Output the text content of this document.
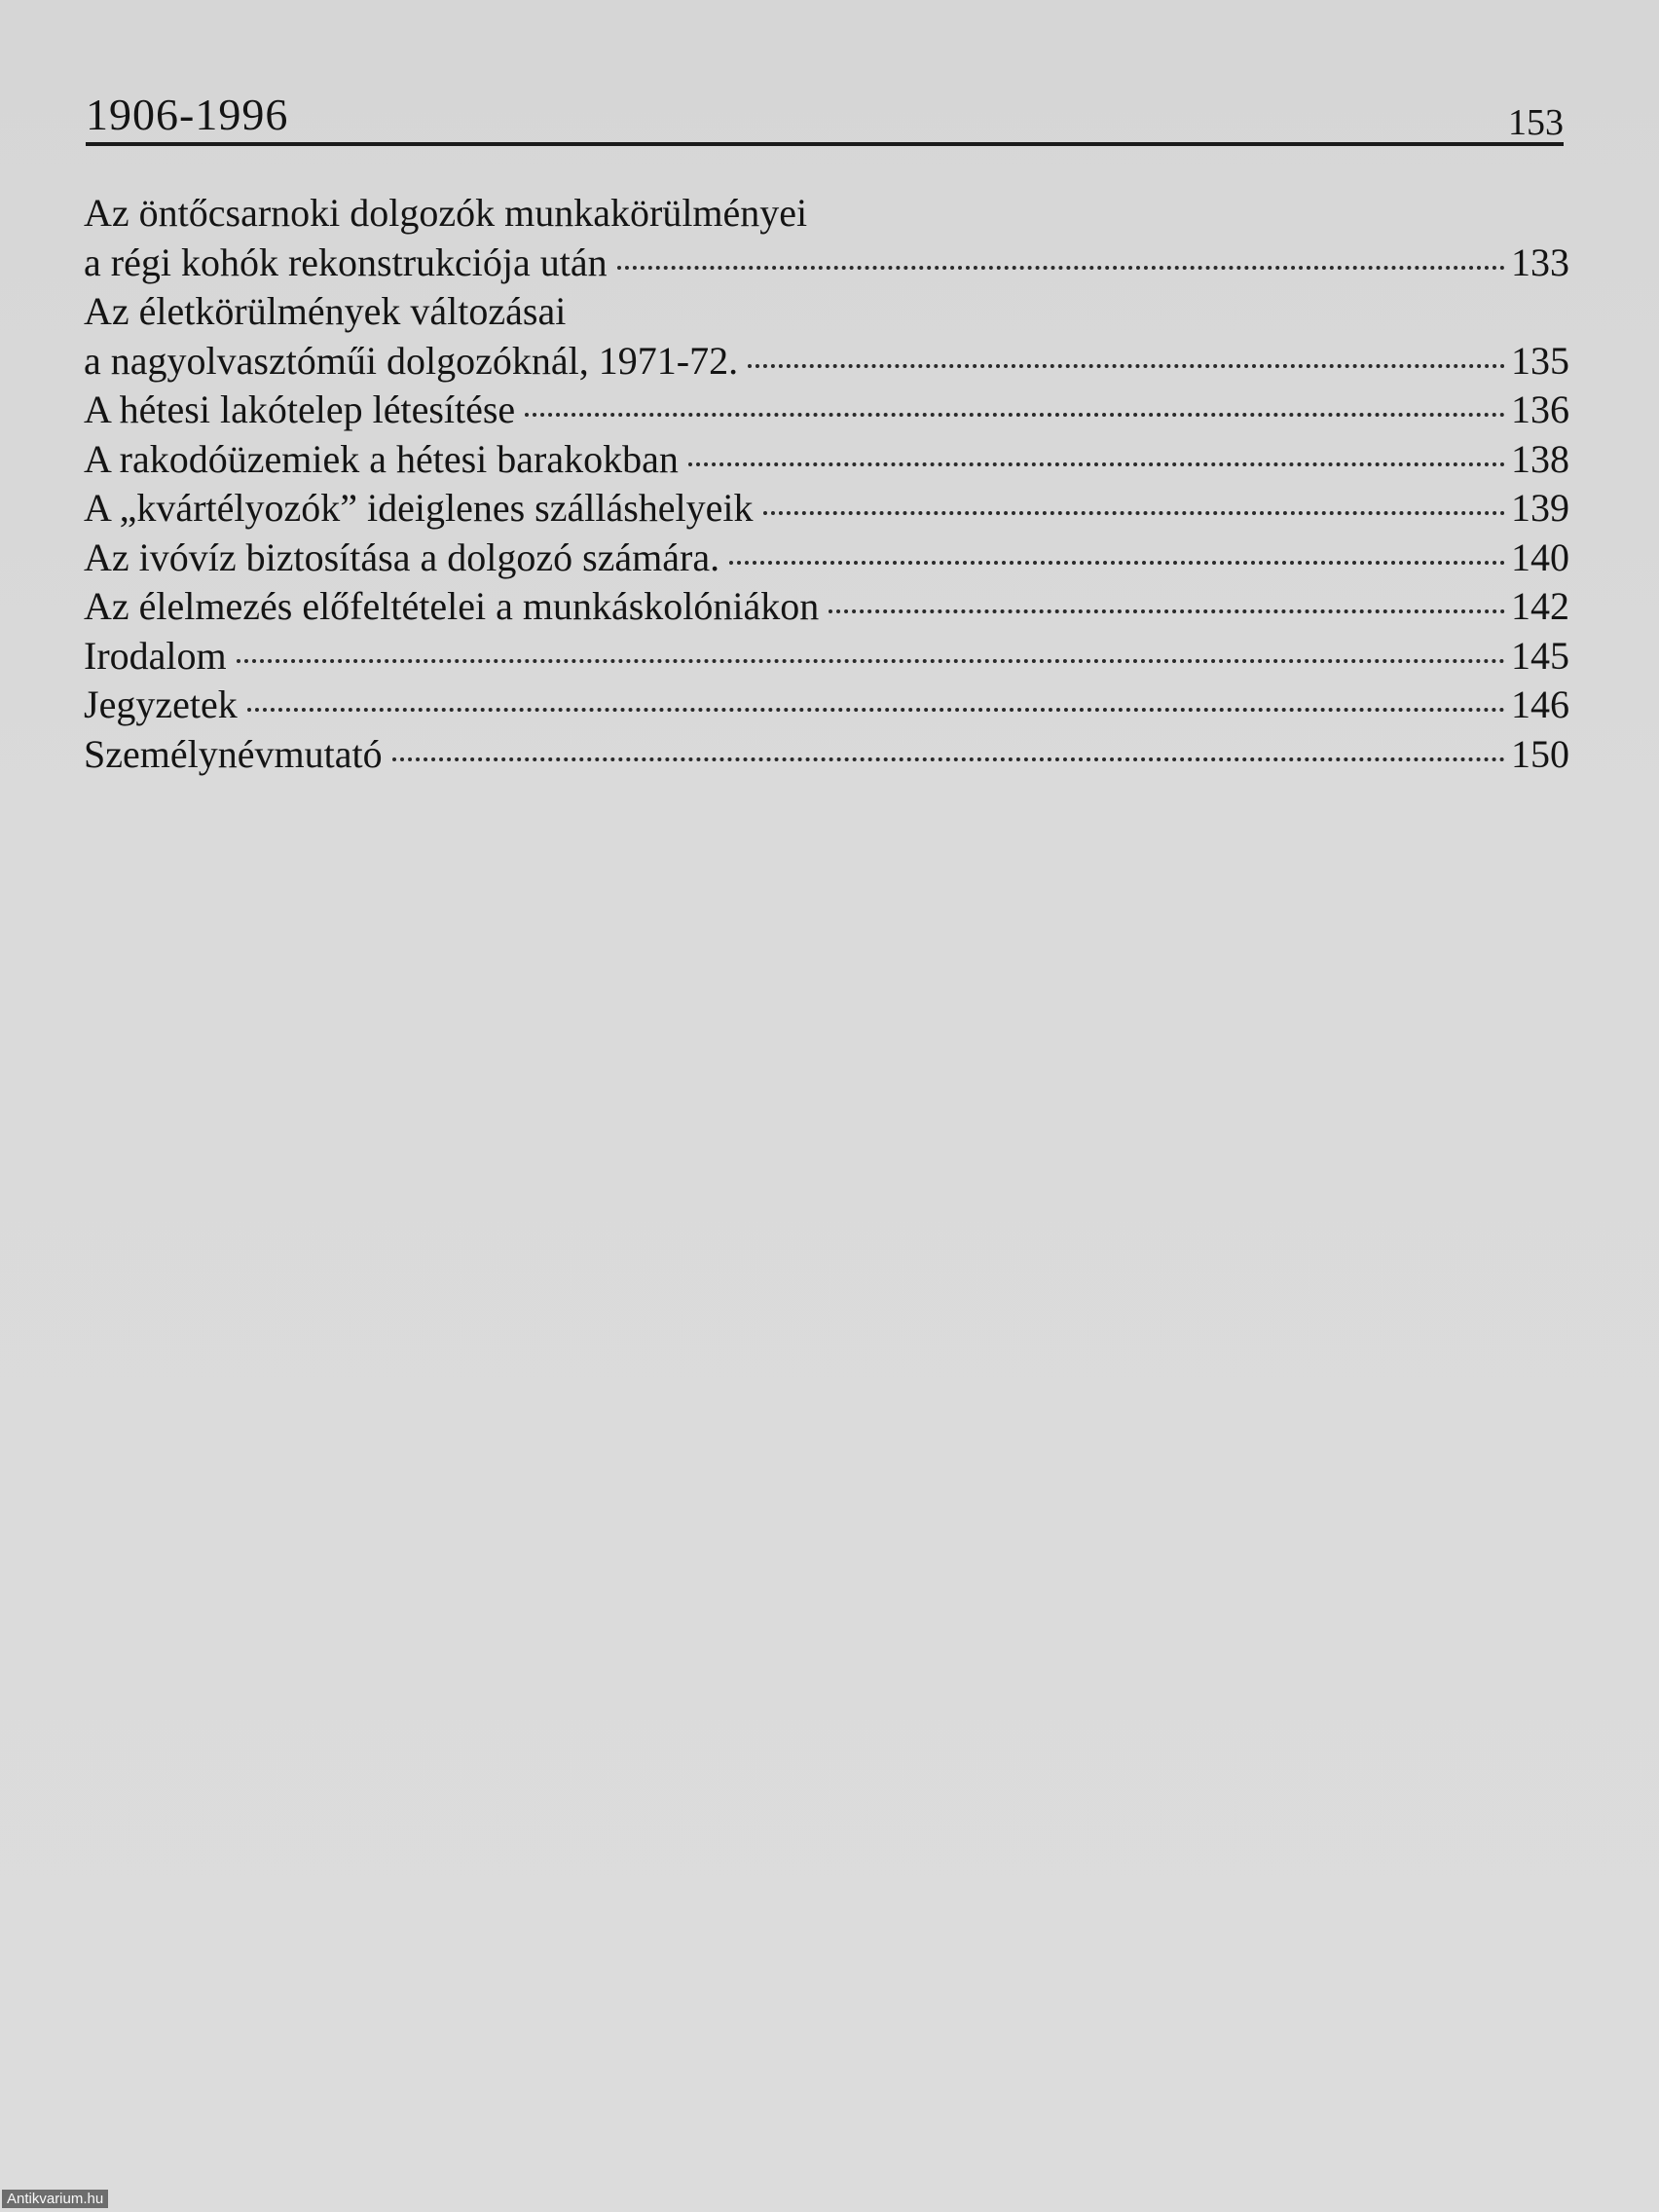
1906-1996	153
Az öntőcsarnoki dolgozók munkakörülményei
a régi kohók rekonstrukciója után	133
Az életkörülmények változásai
a nagyolvasztóműi dolgozóknál, 1971-72.	135
A hétesi lakótelep létesítése	136
A rakodóüzemiek a hétesi barakokban	138
A „kvártélyozók” ideiglenes szálláshelyeik	139
Az ivóvíz biztosítása a dolgozó számára.	140
Az élelmezés előfeltételei a munkáskolóniákon	142
Irodalom	145
Jegyzetek	146
Személynévmutató	150
Antikvarium.hu
